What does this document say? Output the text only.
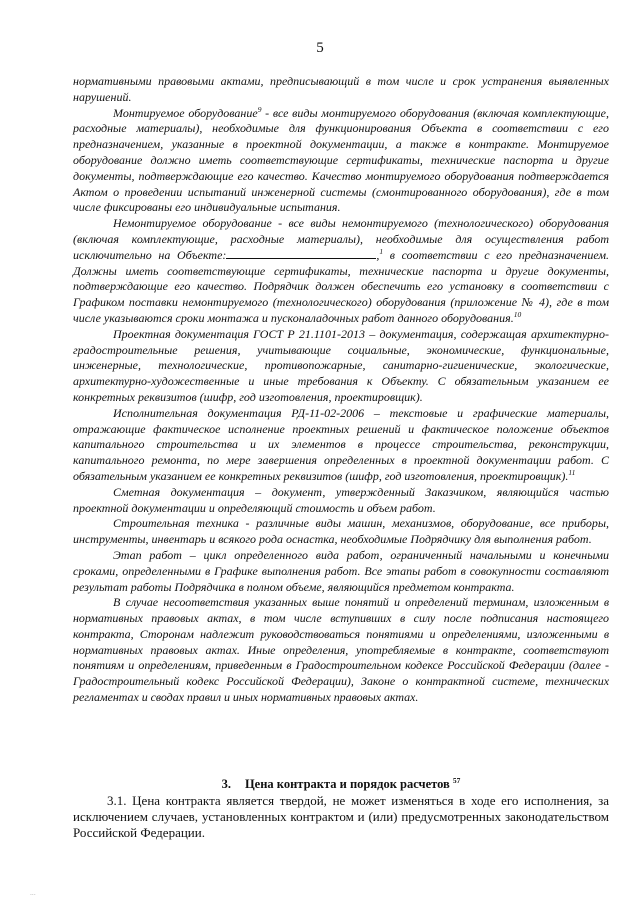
5

нормативными правовыми актами, предписывающий в том числе и срок устранения выявленных нарушений.

Монтируемое оборудование$^9$ - все виды монтируемого оборудования (включая комплектующие, расходные материалы), необходимые для функционирования Объекта в соответствии с его предназначением, указанные в проектной документации, а также в контракте. Монтируемое оборудование должно иметь соответствующие сертификаты, технические паспорта и другие документы, подтверждающие его качество. Качество монтируемого оборудования подтверждается Актом о проведении испытаний инженерной системы (смонтированного оборудования), где в том числе фиксированы его индивидуальные испытания.

Немонтируемое оборудование - все виды немонтируемого (технологического) оборудования (включая комплектующие, расходные материалы), необходимые для осуществления работ исключительно на Объекте:	,$^1$ в соответствии с его предназначением. Должны иметь соответствующие сертификаты, технические паспорта и другие документы, подтверждающие его качество. Подрядчик должен обеспечить его установку в соответствии с Графиком поставки немонтируемого (технологического) оборудования (приложение № 4), где в том числе указываются сроки монтажа и пусконаладочных работ данного оборудования.$^{10}$

Проектная документация ГОСТ Р 21.1101-2013 – документация, содержащая архитектурно-градостроительные решения, учитывающие социальные, экономические, функциональные, инженерные, технологические, противопожарные, санитарно-гигиенические, экологические, архитектурно-художественные и иные требования к Объекту. С обязательным указанием ее конкретных реквизитов (шифр, год изготовления, проектировщик).

Исполнительная документация РД-11-02-2006 – текстовые и графические материалы, отражающие фактическое исполнение проектных решений и фактическое положение объектов капитального строительства и их элементов в процессе строительства, реконструкции, капитального ремонта, по мере завершения определенных в проектной документации работ. С обязательным указанием ее конкретных реквизитов (шифр, год изготовления, проектировщик).$^{11}$

Сметная документация – документ, утвержденный Заказчиком, являющийся частью проектной документации и определяющий стоимость и объем работ.

Строительная техника - различные виды машин, механизмов, оборудование, все приборы, инструменты, инвентарь и всякого рода оснастка, необходимые Подрядчику для выполнения работ.

Этап работ – цикл определенного вида работ, ограниченный начальными и конечными сроками, определенными в Графике выполнения работ. Все этапы работ в совокупности составляют результат работы Подрядчика в полном объеме, являющийся предметом контракта.

В случае несоответствия указанных выше понятий и определений терминам, изложенным в нормативных правовых актах, в том числе вступивших в силу после подписания настоящего контракта, Сторонам надлежит руководствоваться понятиями и определениями, изложенными в нормативных правовых актах. Иные определения, употребляемые в контракте, соответствуют понятиям и определениям, приведенным в Градостроительном кодексе Российской Федерации (далее - Градостроительный кодекс Российской Федерации), Законе о контрактной системе, технических регламентах и сводах правил и иных нормативных правовых актах.

3. Цена контракта и порядок расчетов $^{57}$
3.1. Цена контракта является твердой, не может изменяться в ходе его исполнения, за исключением случаев, установленных контрактом и (или) предусмотренных законодательством Российской Федерации.
...
